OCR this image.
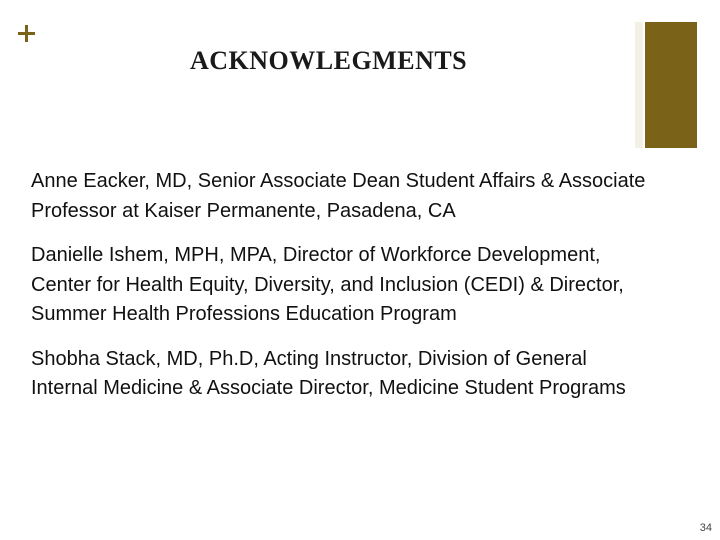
ACKNOWLEGMENTS

Anne Eacker, MD, Senior Associate Dean Student Affairs & Associate Professor at Kaiser Permanente, Pasadena, CA

Danielle Ishem, MPH, MPA, Director of Workforce Development, Center for Health Equity, Diversity, and Inclusion (CEDI) & Director, Summer Health Professions Education Program

Shobha Stack, MD, Ph.D, Acting Instructor, Division of General Internal Medicine & Associate Director, Medicine Student Programs

34
